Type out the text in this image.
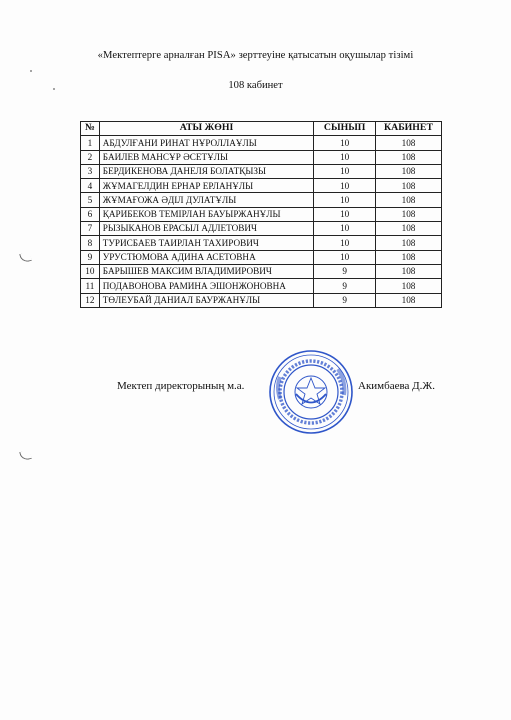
«Мектептерге арналған PISA» зерттеуіне қатысатын оқушылар тізімі
108 кабинет
№	АТЫ ЖӨНІ	СЫНЫП	КАБИНЕТ
1	АБДУЛҒАНИ РИНАТ НҰРОЛЛАҰЛЫ	10	108
2	БАИЛЕВ МАНСҰР ӘСЕТҰЛЫ	10	108
3	БЕРДИКЕНОВА ДАНЕЛЯ БОЛАТҚЫЗЫ	10	108
4	ЖҰМАГЕЛДИН ЕРНАР ЕРЛАНҰЛЫ	10	108
5	ЖҰМАҒОЖА ӘДІЛ ДУЛАТҰЛЫ	10	108
6	ҚАРИБЕКОВ ТЕМІРЛАН БАУЫРЖАНҰЛЫ	10	108
7	РЫЗЫКАНОВ ЕРАСЫЛ АДЛЕТОВИЧ	10	108
8	ТУРИСБАЕВ ТАИРЛАН ТАХИРОВИЧ	10	108
9	УРУСТЮМОВА АДИНА АСЕТОВНА	10	108
10	БАРЫШЕВ МАКСИМ ВЛАДИМИРОВИЧ	9	108
11	ПОДАВОНОВА РАМИНА ЭШОНЖОНОВНА	9	108
12	ТӨЛЕУБАЙ ДАНИАЛ БАУРЖАНҰЛЫ	9	108
Мектеп директорының м.а.	Акимбаева Д.Ж.
